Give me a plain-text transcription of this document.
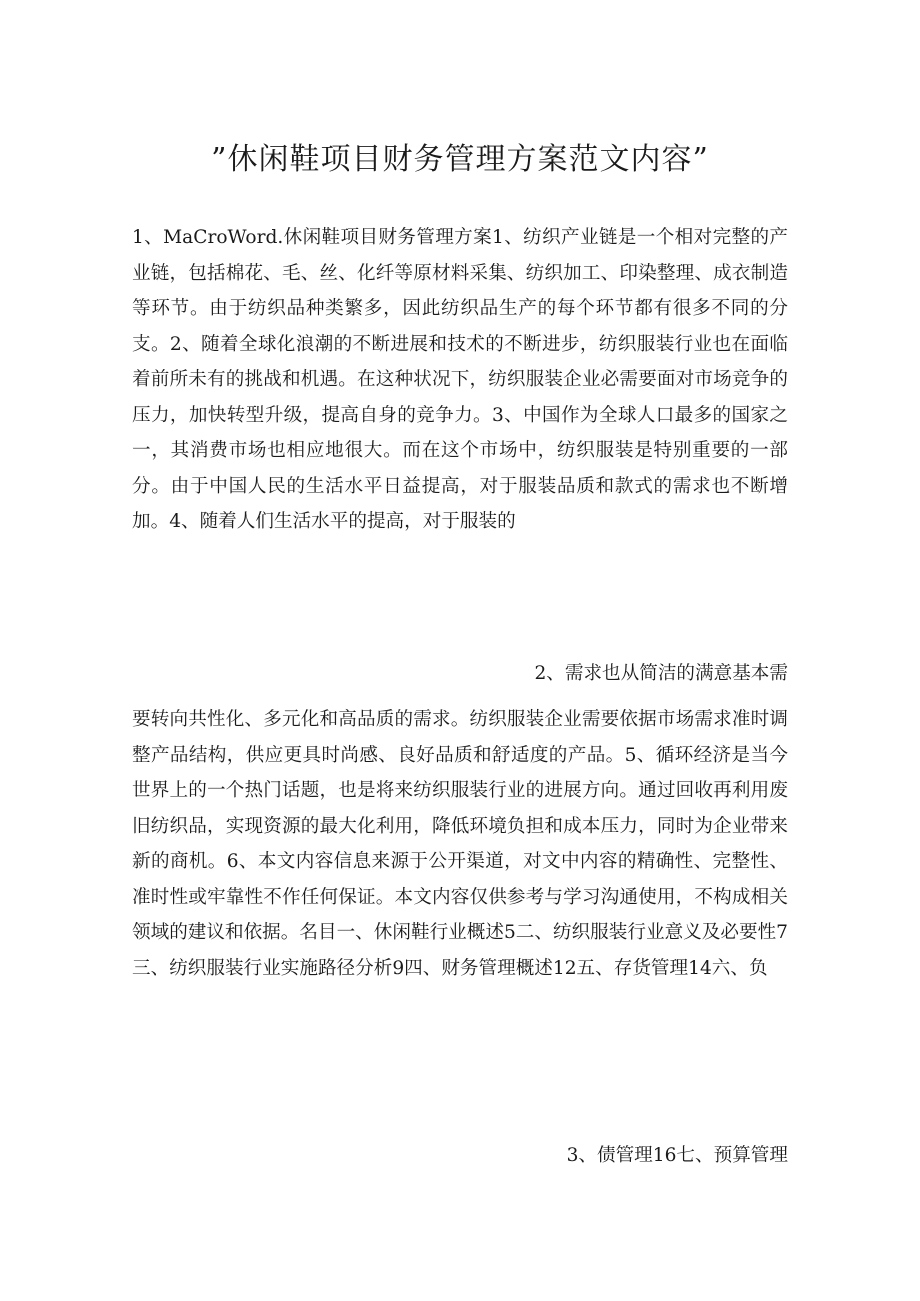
”休闲鞋项目财务管理方案范文内容”

1、MaCroWord.休闲鞋项目财务管理方案1、纺织产业链是一个相对完整的产业链，包括棉花、毛、丝、化纤等原材料采集、纺织加工、印染整理、成衣制造等环节。由于纺织品种类繁多，因此纺织品生产的每个环节都有很多不同的分支。2、随着全球化浪潮的不断进展和技术的不断进步，纺织服装行业也在面临着前所未有的挑战和机遇。在这种状况下，纺织服装企业必需要面对市场竞争的压力，加快转型升级，提高自身的竞争力。3、中国作为全球人口最多的国家之一，其消费市场也相应地很大。而在这个市场中，纺织服装是特别重要的一部分。由于中国人民的生活水平日益提高，对于服装品质和款式的需求也不断增加。4、随着人们生活水平的提高，对于服装的

2、需求也从简洁的满意基本需

要转向共性化、多元化和高品质的需求。纺织服装企业需要依据市场需求准时调整产品结构，供应更具时尚感、良好品质和舒适度的产品。5、循环经济是当今世界上的一个热门话题，也是将来纺织服装行业的进展方向。通过回收再利用废旧纺织品，实现资源的最大化利用，降低环境负担和成本压力，同时为企业带来新的商机。6、本文内容信息来源于公开渠道，对文中内容的精确性、完整性、准时性或牢靠性不作任何保证。本文内容仅供参考与学习沟通使用，不构成相关领域的建议和依据。名目一、休闲鞋行业概述5二、纺织服装行业意义及必要性7三、纺织服装行业实施路径分析9四、财务管理概述12五、存货管理14六、负

3、债管理16七、预算管理
